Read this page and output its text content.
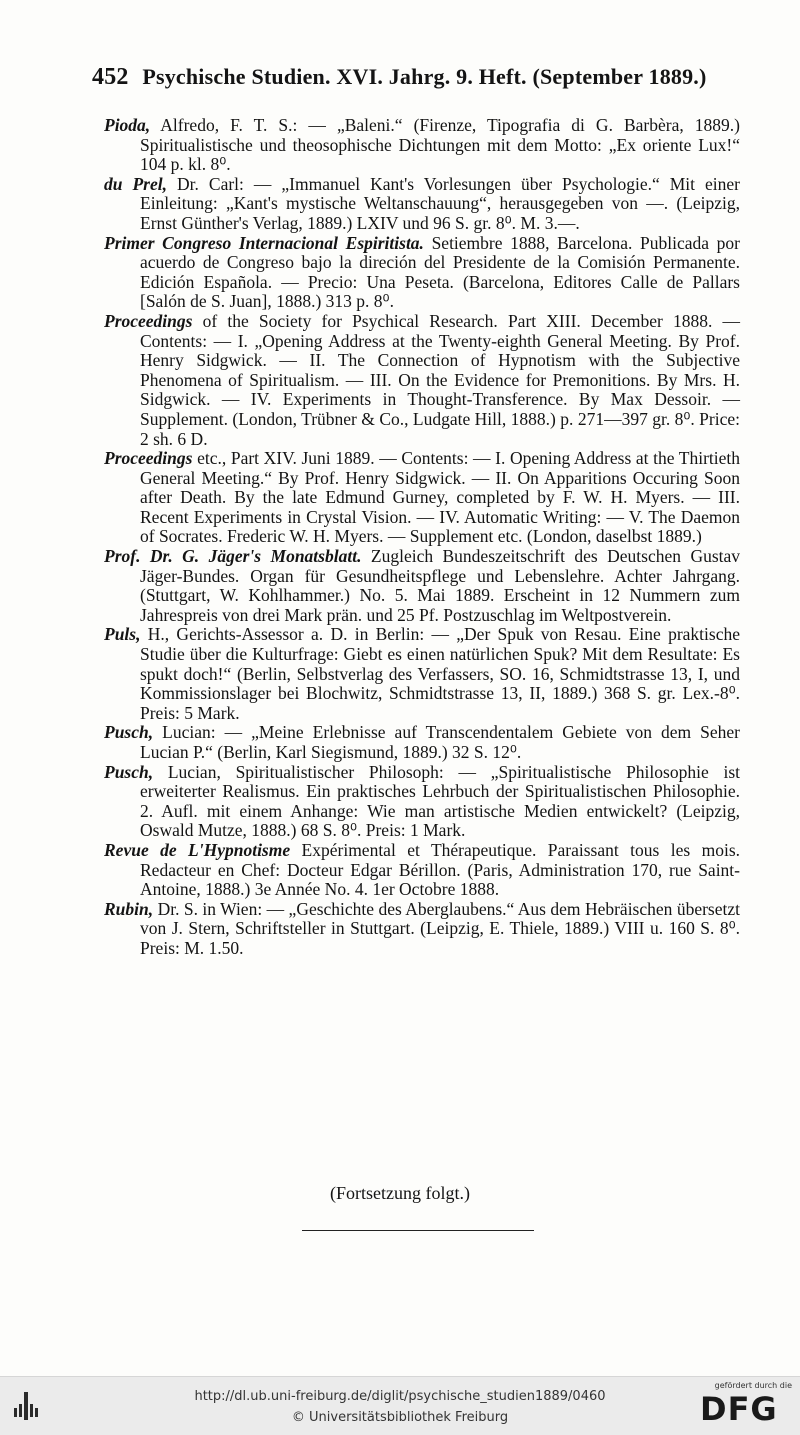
452 Psychische Studien. XVI. Jahrg. 9. Heft. (September 1889.)

Pioda, Alfredo, F. T. S.: — „Baleni.“ (Firenze, Tipografia di G. Barbèra, 1889.) Spiritualistische und theosophische Dichtungen mit dem Motto: „Ex oriente Lux!“ 104 p. kl. 8⁰.

du Prel, Dr. Carl: — „Immanuel Kant's Vorlesungen über Psychologie.“ Mit einer Einleitung: „Kant's mystische Weltanschauung“, herausgegeben von —. (Leipzig, Ernst Günther's Verlag, 1889.) LXIV und 96 S. gr. 8⁰. M. 3.—.

Primer Congreso Internacional Espiritista. Setiembre 1888, Barcelona. Publicada por acuerdo de Congreso bajo la direción del Presidente de la Comisión Permanente. Edición Española. — Precio: Una Peseta. (Barcelona, Editores Calle de Pallars [Salón de S. Juan], 1888.) 313 p. 8⁰.

Proceedings of the Society for Psychical Research. Part XIII. December 1888. — Contents: — I. „Opening Address at the Twenty-eighth General Meeting. By Prof. Henry Sidgwick. — II. The Connection of Hypnotism with the Subjective Phenomena of Spiritualism. — III. On the Evidence for Premonitions. By Mrs. H. Sidgwick. — IV. Experiments in Thought-Transference. By Max Dessoir. — Supplement. (London, Trübner & Co., Ludgate Hill, 1888.) p. 271—397 gr. 8⁰. Price: 2 sh. 6 D.

Proceedings etc., Part XIV. Juni 1889. — Contents: — I. Opening Address at the Thirtieth General Meeting.“ By Prof. Henry Sidgwick. — II. On Apparitions Occuring Soon after Death. By the late Edmund Gurney, completed by F. W. H. Myers. — III. Recent Experiments in Crystal Vision. — IV. Automatic Writing: — V. The Daemon of Socrates. Frederic W. H. Myers. — Supplement etc. (London, daselbst 1889.)

Prof. Dr. G. Jäger's Monatsblatt. Zugleich Bundeszeitschrift des Deutschen Gustav Jäger-Bundes. Organ für Gesundheitspflege und Lebenslehre. Achter Jahrgang. (Stuttgart, W. Kohlhammer.) No. 5. Mai 1889. Erscheint in 12 Nummern zum Jahrespreis von drei Mark prän. und 25 Pf. Postzuschlag im Weltpostverein.

Puls, H., Gerichts-Assessor a. D. in Berlin: — „Der Spuk von Resau. Eine praktische Studie über die Kulturfrage: Giebt es einen natürlichen Spuk? Mit dem Resultate: Es spukt doch!“ (Berlin, Selbstverlag des Verfassers, SO. 16, Schmidtstrasse 13, I, und Kommissionslager bei Blochwitz, Schmidtstrasse 13, II, 1889.) 368 S. gr. Lex.-8⁰. Preis: 5 Mark.

Pusch, Lucian: — „Meine Erlebnisse auf Transcendentalem Gebiete von dem Seher Lucian P.“ (Berlin, Karl Siegismund, 1889.) 32 S. 12⁰.

Pusch, Lucian, Spiritualistischer Philosoph: — „Spiritualistische Philosophie ist erweiterter Realismus. Ein praktisches Lehrbuch der Spiritualistischen Philosophie. 2. Aufl. mit einem Anhange: Wie man artistische Medien entwickelt? (Leipzig, Oswald Mutze, 1888.) 68 S. 8⁰. Preis: 1 Mark.

Revue de L'Hypnotisme Expérimental et Thérapeutique. Paraissant tous les mois. Redacteur en Chef: Docteur Edgar Bérillon. (Paris, Administration 170, rue Saint-Antoine, 1888.) 3e Année No. 4. 1er Octobre 1888.

Rubin, Dr. S. in Wien: — „Geschichte des Aberglaubens.“ Aus dem Hebräischen übersetzt von J. Stern, Schriftsteller in Stuttgart. (Leipzig, E. Thiele, 1889.) VIII u. 160 S. 8⁰. Preis: M. 1.50.

(Fortsetzung folgt.)
http://dl.ub.uni-freiburg.de/diglit/psychische_studien1889/0460
© Universitätsbibliothek Freiburg
gefördert durch die
DFG
